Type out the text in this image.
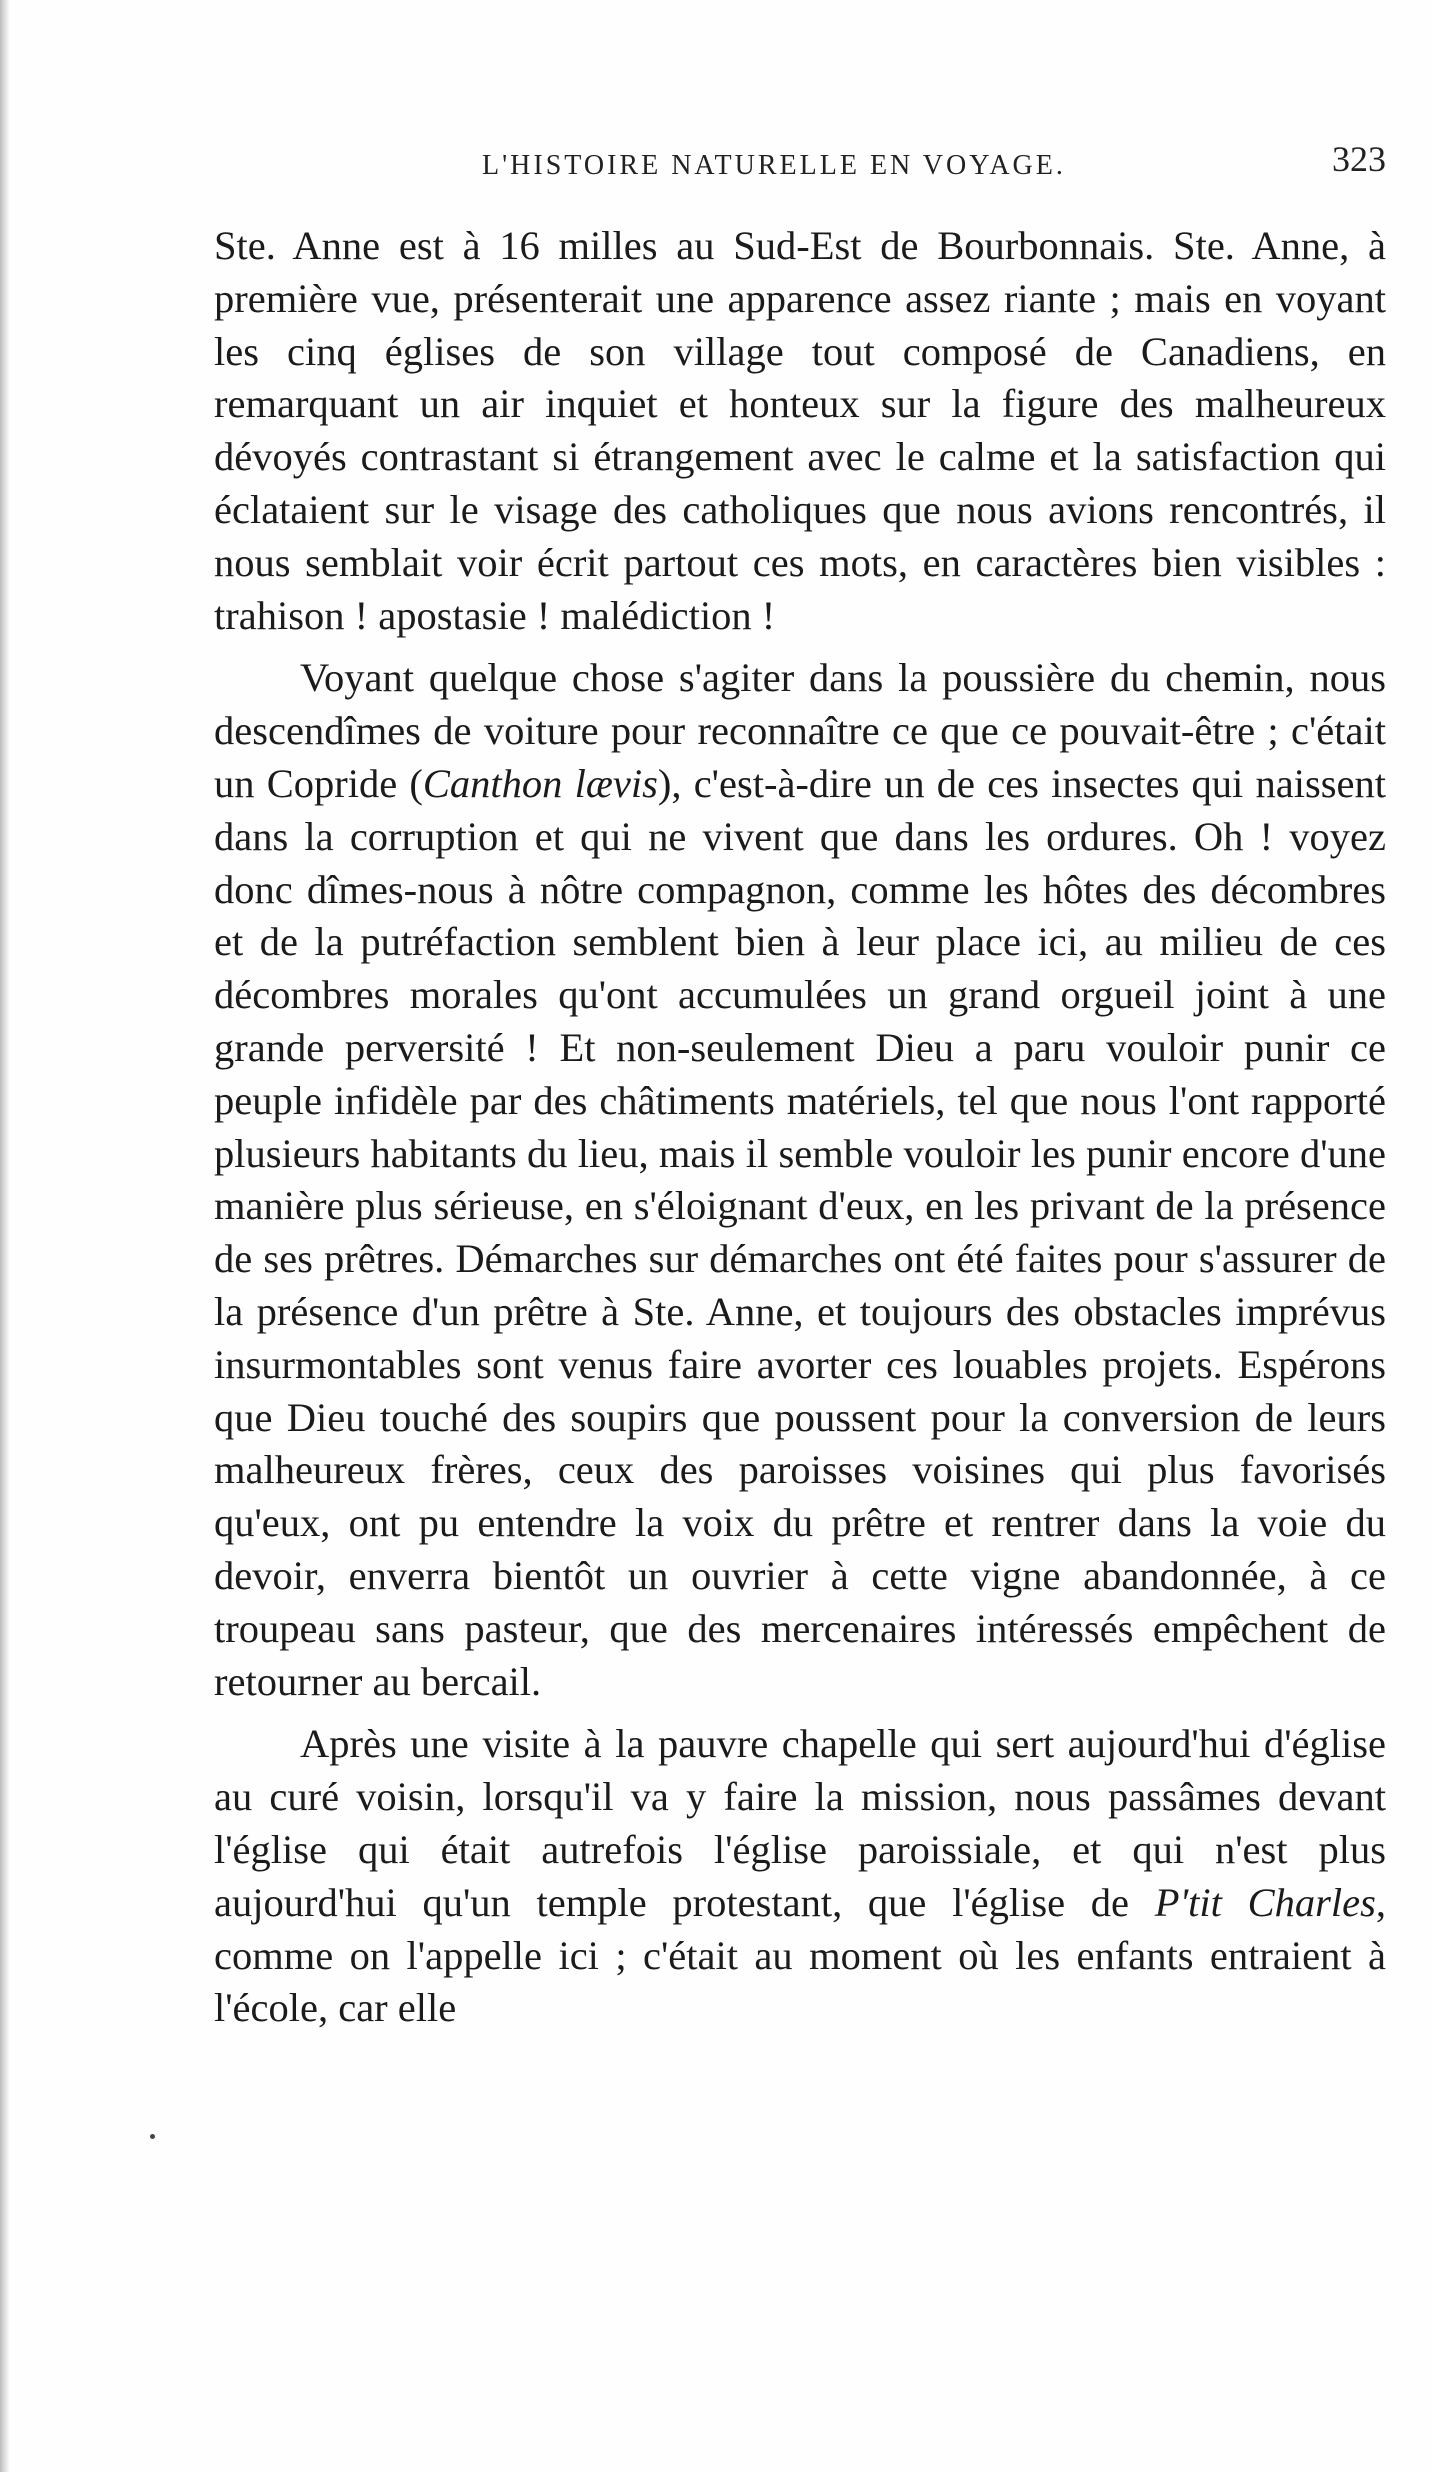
L'HISTOIRE NATURELLE EN VOYAGE.	323

Ste. Anne est à 16 milles au Sud-Est de Bourbonnais. Ste. Anne, à première vue, présenterait une apparence assez riante ; mais en voyant les cinq églises de son village tout composé de Canadiens, en remarquant un air inquiet et honteux sur la figure des malheureux dévoyés contrastant si étrangement avec le calme et la satisfaction qui éclataient sur le visage des catholiques que nous avions rencontrés, il nous semblait voir écrit partout ces mots, en caractères bien visibles : trahison ! apostasie ! malédiction !

Voyant quelque chose s'agiter dans la poussière du chemin, nous descendîmes de voiture pour reconnaître ce que ce pouvait-être ; c'était un Copride (Canthon lævis), c'est-à-dire un de ces insectes qui naissent dans la corruption et qui ne vivent que dans les ordures. Oh ! voyez donc dîmes-nous à nôtre compagnon, comme les hôtes des décombres et de la putréfaction semblent bien à leur place ici, au milieu de ces décombres morales qu'ont accumulées un grand orgueil joint à une grande perversité ! Et non-seulement Dieu a paru vouloir punir ce peuple infidèle par des châtiments matériels, tel que nous l'ont rapporté plusieurs habitants du lieu, mais il semble vouloir les punir encore d'une manière plus sérieuse, en s'éloignant d'eux, en les privant de la présence de ses prêtres. Démarches sur démarches ont été faites pour s'assurer de la présence d'un prêtre à Ste. Anne, et toujours des obstacles imprévus insurmontables sont venus faire avorter ces louables projets. Espérons que Dieu touché des soupirs que poussent pour la conversion de leurs malheureux frères, ceux des paroisses voisines qui plus favorisés qu'eux, ont pu entendre la voix du prêtre et rentrer dans la voie du devoir, enverra bientôt un ouvrier à cette vigne abandonnée, à ce troupeau sans pasteur, que des mercenaires intéressés empêchent de retourner au bercail.

Après une visite à la pauvre chapelle qui sert aujourd'hui d'église au curé voisin, lorsqu'il va y faire la mission, nous passâmes devant l'église qui était autrefois l'église paroissiale, et qui n'est plus aujourd'hui qu'un temple protestant, que l'église de P'tit Charles, comme on l'appelle ici ; c'était au moment où les enfants entraient à l'école, car elle
